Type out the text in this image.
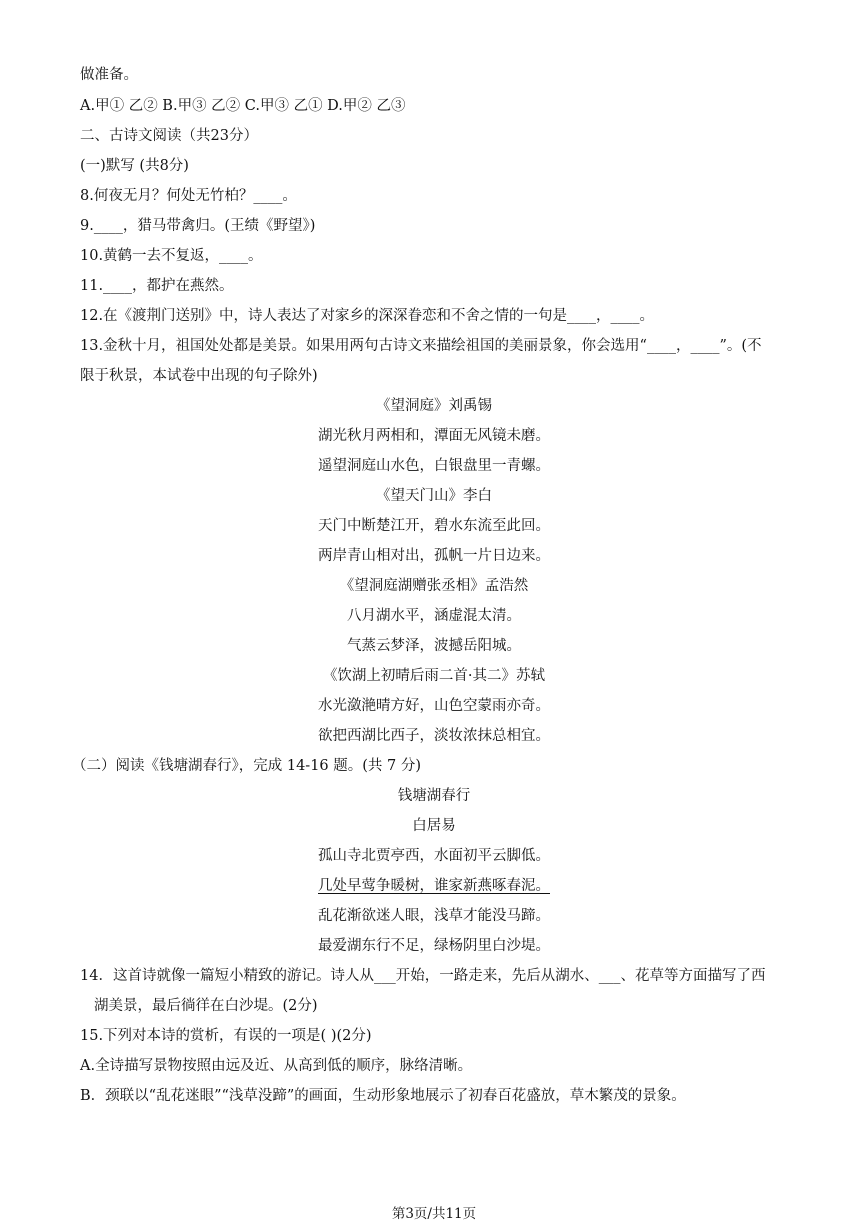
做准备。
A.甲① 乙② B.甲③ 乙② C.甲③ 乙① D.甲② 乙③
二、古诗文阅读（共23分）
(一)默写 (共8分)
8.何夜无月？何处无竹柏？____。
9.____，猎马带禽归。(王绩《野望》)
10.黄鹤一去不复返，____。
11.____，都护在燕然。
12.在《渡荆门送别》中，诗人表达了对家乡的深深眷恋和不舍之情的一句是____，____。
13.金秋十月，祖国处处都是美景。如果用两句古诗文来描绘祖国的美丽景象，你会选用“____，____”。(不
限于秋景，本试卷中出现的句子除外)
《望洞庭》刘禹锡
湖光秋月两相和，潭面无风镜未磨。
遥望洞庭山水色，白银盘里一青螺。
《望天门山》李白
天门中断楚江开，碧水东流至此回。
两岸青山相对出，孤帆一片日边来。
《望洞庭湖赠张丞相》孟浩然
八月湖水平，涵虚混太清。
气蒸云梦泽，波撼岳阳城。
《饮湖上初晴后雨二首·其二》苏轼
水光潋滟晴方好，山色空蒙雨亦奇。
欲把西湖比西子，淡妆浓抹总相宜。
（二）阅读《钱塘湖春行》，完成 14-16 题。(共 7 分)
钱塘湖春行
白居易
孤山寺北贾亭西，水面初平云脚低。
几处早莺争暖树，谁家新燕啄春泥。
乱花渐欲迷人眼，浅草才能没马蹄。
最爱湖东行不足，绿杨阴里白沙堤。
14．这首诗就像一篇短小精致的游记。诗人从___开始，一路走来，先后从湖水、___、花草等方面描写了西
湖美景，最后徜徉在白沙堤。(2分)
15.下列对本诗的赏析，有误的一项是( )(2分)
A.全诗描写景物按照由远及近、从高到低的顺序，脉络清晰。
B．颈联以“乱花迷眼”“浅草没蹄”的画面，生动形象地展示了初春百花盛放，草木繁茂的景象。
第3页/共11页
